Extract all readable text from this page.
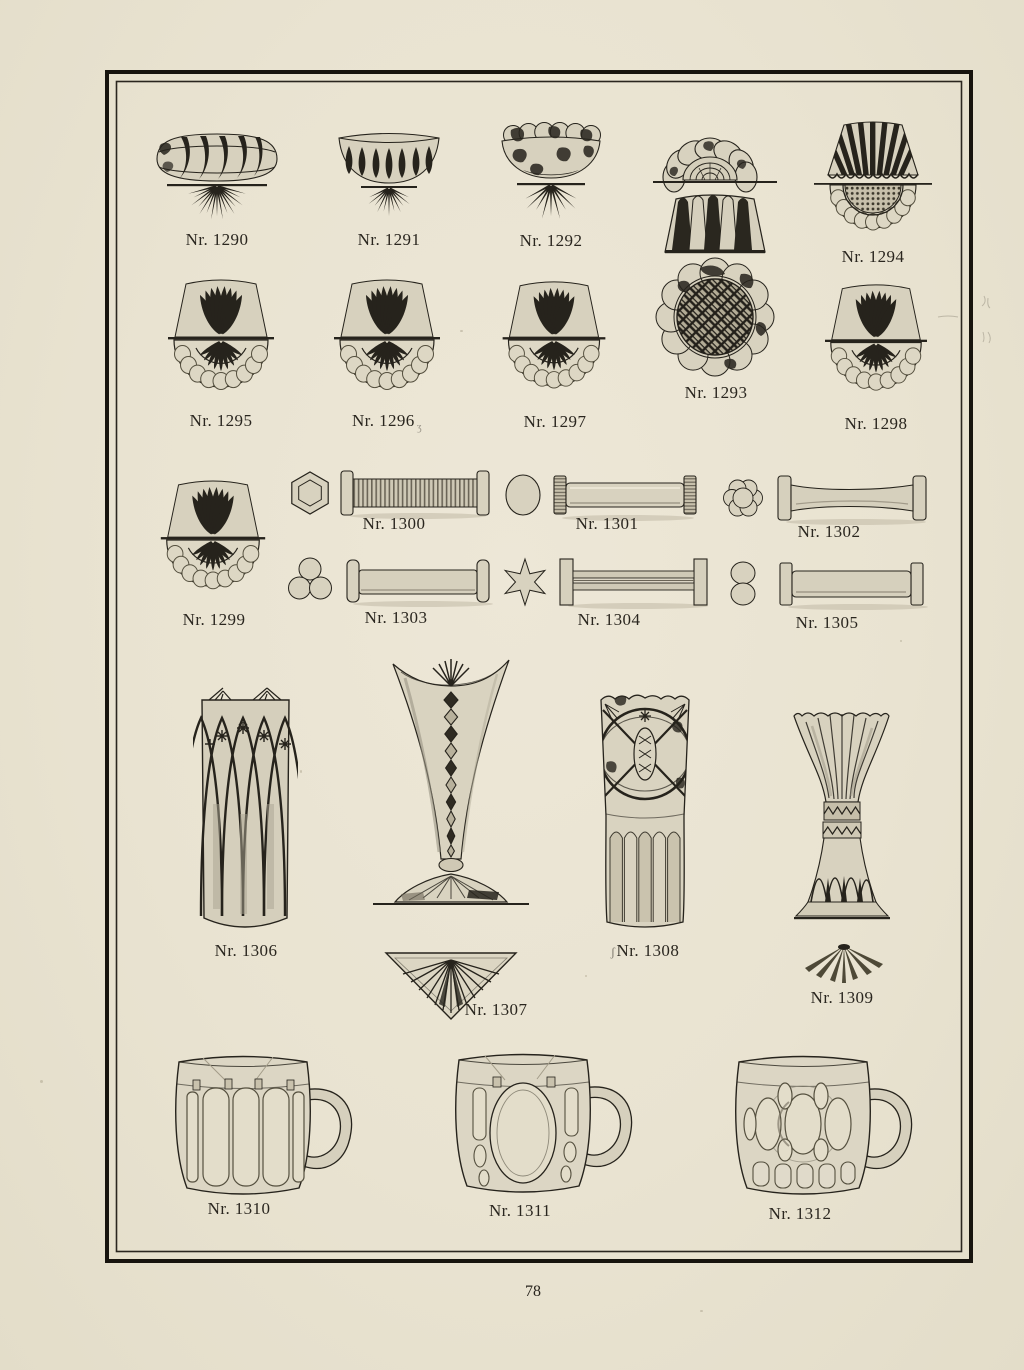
Nr. 1290	Nr. 1291	Nr. 1292
Nr. 1293
Nr. 1294
Nr. 1295	Nr. 1296 $_ʒ$	Nr. 1297	Nr. 1298
Nr. 1299
Nr. 1300	Nr. 1301	Nr. 1302
Nr. 1303	Nr. 1304	Nr. 1305
Nr. 1306
Nr. 1307
ʃNr. 1308
Nr. 1309
Nr. 1310	Nr. 1311	Nr. 1312
78
